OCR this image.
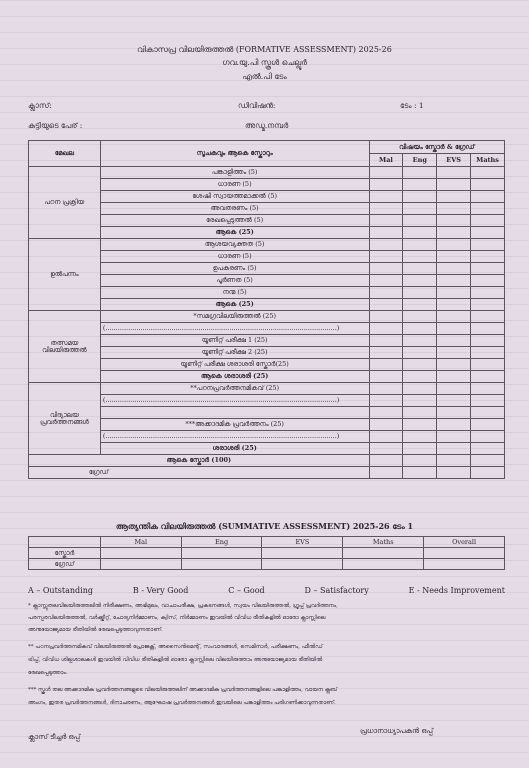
വികാസപ്ര വിലയിരുത്തൽ (FORMATIVE ASSESSMENT) 2025-26
ഗവ.യു.പി സ്കൂൾ ചെല്ലൂർ
എൽ.പി ടേം
ക്ലാസ്:	ഡിവിഷൻ:	ടേം : 1
കുട്ടിയുടെ പേര് :	അഡ്മ.നമ്പർ
മേഖല	സൂചകവും ആകെ സ്കോറും	വിഷയം സ്കോർ & ഗ്രേഡ്			
		Mal	Eng	EVS	Maths
പഠന പ്രക്രിയ	പങ്കാളിത്തം (5)				
	ധാരണ (5)				
	ശേഷി സ്വായത്തമാക്കൽ (5)				
	അവതരണം (5)				
	രേഖപ്പെടുത്തൽ (5)				
	ആകെ (25)				
ഉൽപന്നം	ആശയവ്യക്തത (5)				
	ധാരണ (5)				
	ഉപകരണം (5)				
	പൂർണത (5)				
	നന്മ (5)				
	ആകെ (25)				
തത്സമയ വിലയിരുത്തൽ	*സമഗ്രവിലയിരുത്തൽ (25)				
	(................................................................................................................)				
	യൂണിറ്റ് പരീക്ഷ 1 (25)				
	യൂണിറ്റ് പരീക്ഷ 2 (25)				
	യൂണിറ്റ് പരീക്ഷ ശരാശരി സ്കോർ(25)				
	ആകെ ശരാശരി (25)				
വിദ്യാലയ പ്രവർത്തനങ്ങൾ	**പഠനപ്രവർത്തനമികവ് (25)				
	(................................................................................................................)				

	***അക്കാദമിക പ്രവർത്തനം (25)				
	(................................................................................................................)				
	ശരാശരി (25)				
ആകെ സ്കോർ (100)					
ഗ്രേഡ്					
ആത്യന്തിക വിലയിരുത്തൽ (SUMMATIVE ASSESSMENT) 2025-26 ടേം 1
	Mal	Eng	EVS	Maths	Overall
സ്കോർ					
ഗ്രേഡ്					
A – Outstanding	B - Very Good	C – Good	D – Satisfactory	E - Needs Improvement
* ക്ലാസ്സുതലവിലയിരുത്തലിൽ നിരീക്ഷണം, അഭിമുഖം, വാചാപരീക്ഷ, പ്രകടനങ്ങൾ, സ്വയം വിലയിരുത്തൽ, ഗ്രൂപ്പ് പ്രവർത്തനം,
പരസ്പരവിലയിരുത്തൽ, വർക്ക്ഷീറ്റ്, ചോദ്യനിർമ്മാണം, ക്വിസ്, നിർമ്മാണം ഇവയിൽ വിവിധ രീതികളിൽ ഓരോ ക്ലാസ്സിലെ
അനുയോജ്യമായ രീതിയിൽ രേഖപ്പെടുത്താവുന്നതാണ്.
** പഠനപ്രവർത്തനമികവ് വിലയിരുത്തൽ പ്രോജക്റ്റ്, അസൈൻമെന്റ്, സംവാദങ്ങൾ, സെമിനാർ, പരീക്ഷണം, ഫീൽഡ്
ട്രിപ്പ്, വിവിധ ശില്പശാലകൾ ഇവയിൽ വിവിധ രീതികളിൽ ഓരോ ക്ലാസ്സിലെ വിലയിരുത്താം അനുയോജ്യമായ രീതിയിൽ
രേഖപ്പെടുത്താം.
*** സ്കൂൾ തല അക്കാദമിക പ്രവർത്തനങ്ങളുടെ വിലയിരുത്തലിന് അക്കാദമിക പ്രവർത്തനങ്ങളിലെ പങ്കാളിത്തം, വായന ക്ലബ്
അംഗം, ഇതര പ്രവർത്തനങ്ങൾ, ദിനാചരണം, ആഘോഷ പ്രവർത്തനങ്ങൾ ഇവയിലെ പങ്കാളിത്തം പരിഗണിക്കാവുന്നതാണ്.
ക്ലാസ് ടീച്ചർ ഒപ്പ്
പ്രധാനാധ്യാപകൻ ഒപ്പ്
